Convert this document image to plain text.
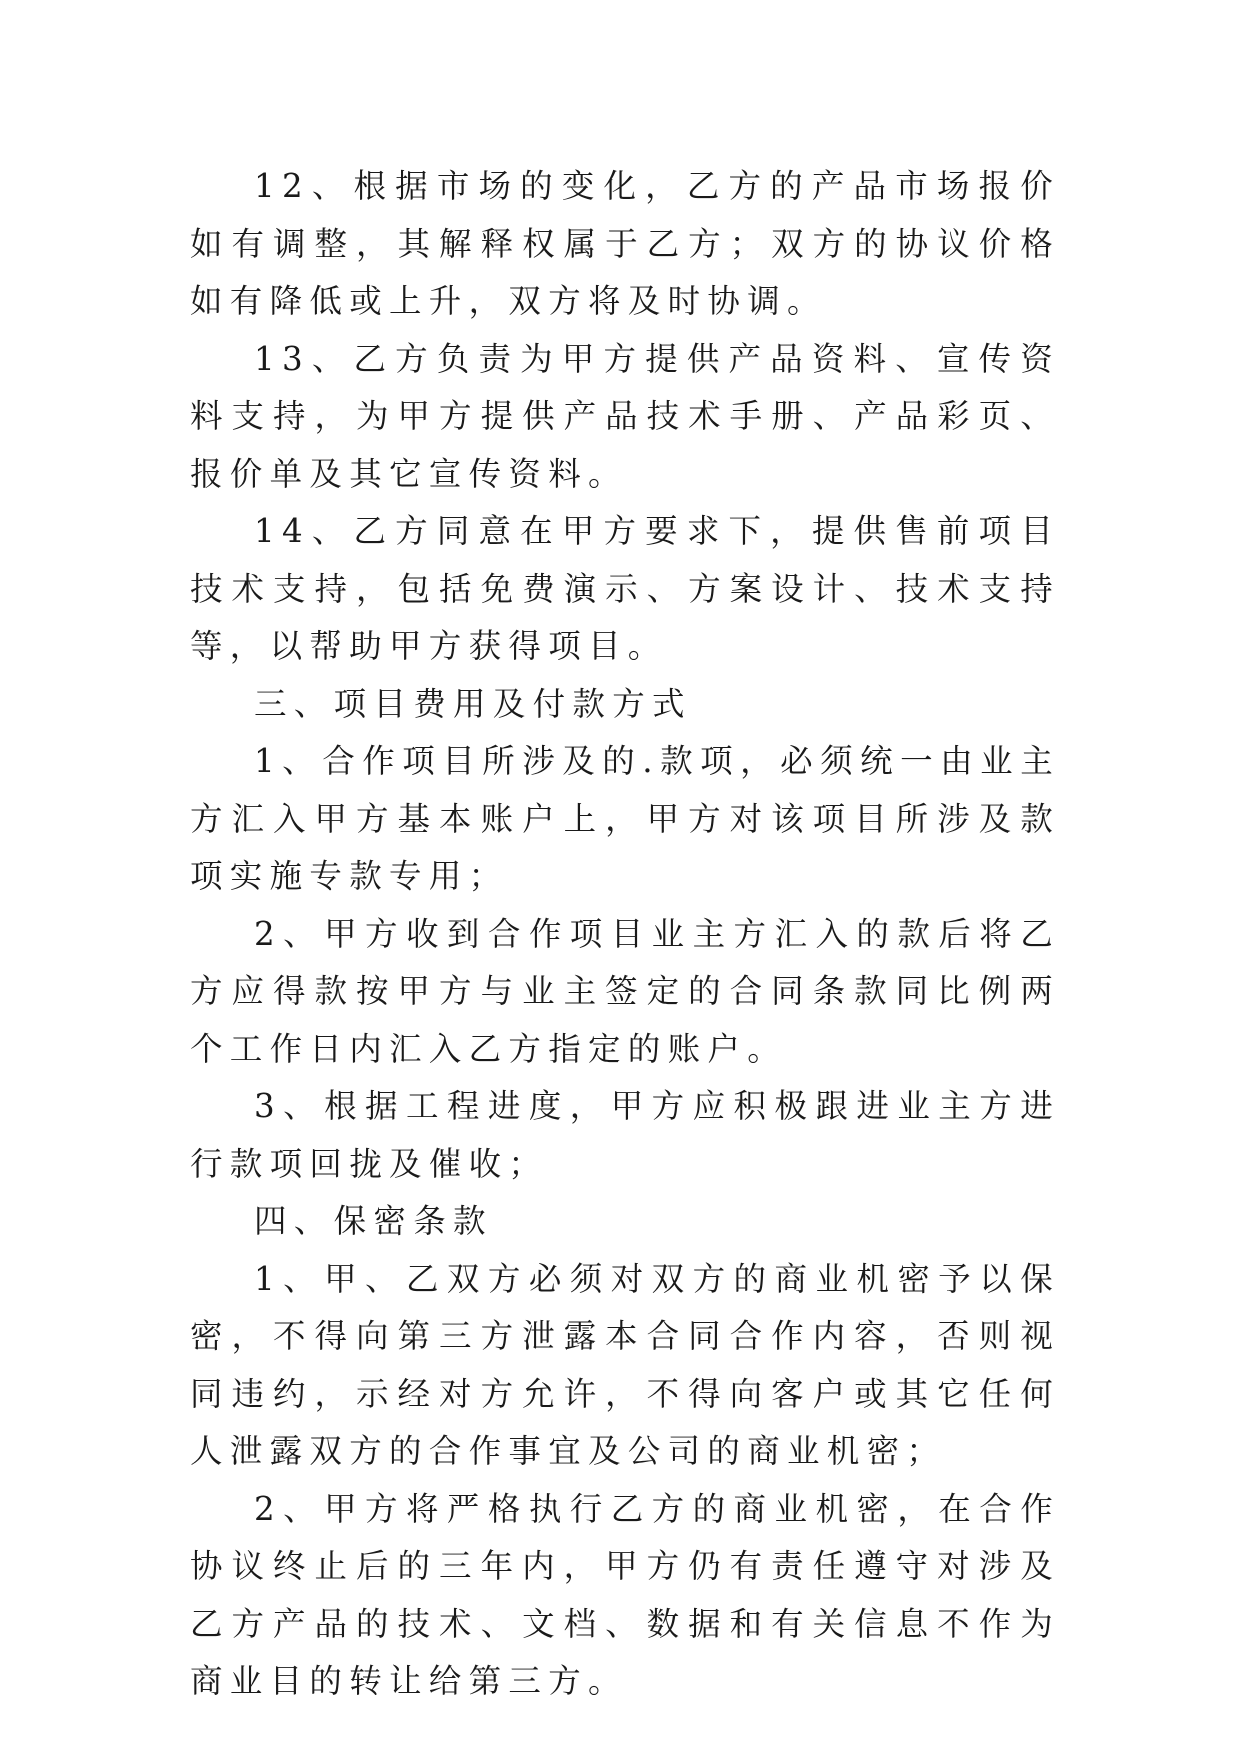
12、根据市场的变化，乙方的产品市场报价如有调整，其解释权属于乙方；双方的协议价格如有降低或上升，双方将及时协调。

13、乙方负责为甲方提供产品资料、宣传资料支持，为甲方提供产品技术手册、产品彩页、报价单及其它宣传资料。

14、乙方同意在甲方要求下，提供售前项目技术支持，包括免费演示、方案设计、技术支持等，以帮助甲方获得项目。

三、项目费用及付款方式

1、合作项目所涉及的.款项，必须统一由业主方汇入甲方基本账户上，甲方对该项目所涉及款项实施专款专用；

2、甲方收到合作项目业主方汇入的款后将乙方应得款按甲方与业主签定的合同条款同比例两个工作日内汇入乙方指定的账户。

3、根据工程进度，甲方应积极跟进业主方进行款项回拢及催收；

四、保密条款

1、甲、乙双方必须对双方的商业机密予以保密，不得向第三方泄露本合同合作内容，否则视同违约，示经对方允许，不得向客户或其它任何人泄露双方的合作事宜及公司的商业机密；

2、甲方将严格执行乙方的商业机密，在合作协议终止后的三年内，甲方仍有责任遵守对涉及乙方产品的技术、文档、数据和有关信息不作为商业目的转让给第三方。
